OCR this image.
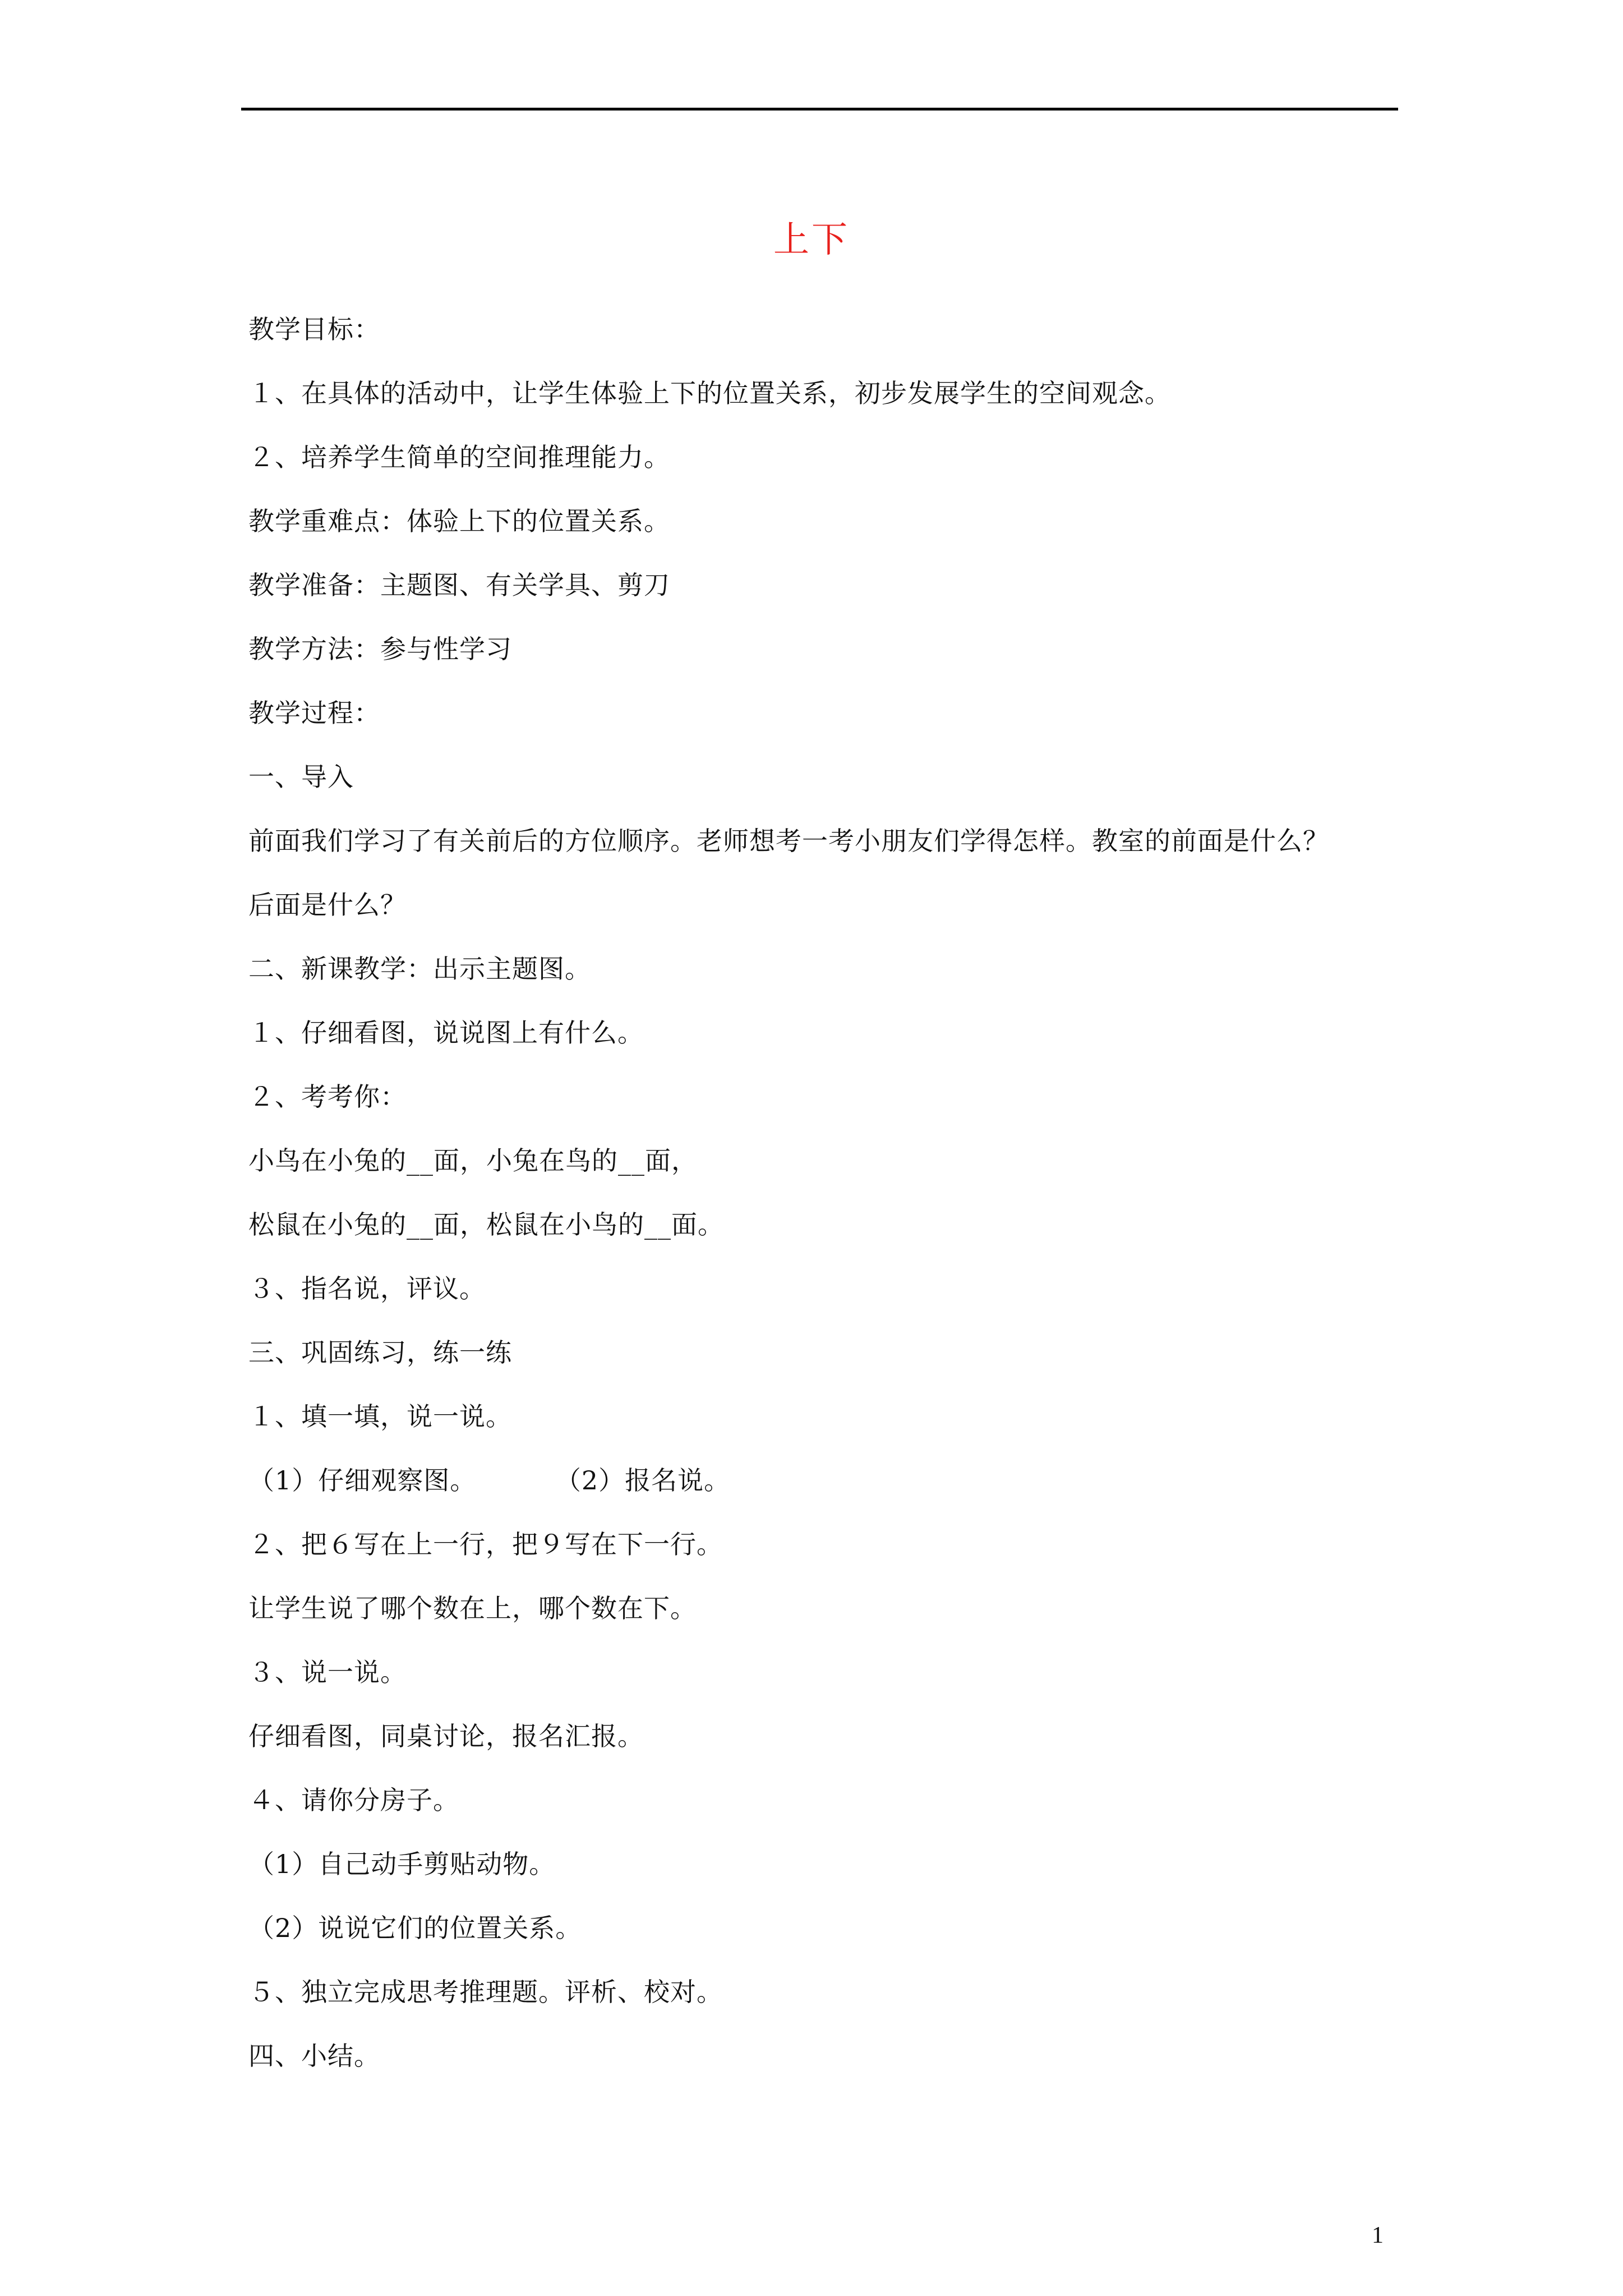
上下
教学目标：
１、在具体的活动中，让学生体验上下的位置关系，初步发展学生的空间观念。
２、培养学生简单的空间推理能力。
教学重难点：体验上下的位置关系。
教学准备：主题图、有关学具、剪刀
教学方法：参与性学习
教学过程：
一、导入
前面我们学习了有关前后的方位顺序。老师想考一考小朋友们学得怎样。教室的前面是什么？
后面是什么？
二、新课教学：出示主题图。
１、仔细看图，说说图上有什么。
２、考考你：
小鸟在小兔的__面，小兔在鸟的__面，
松鼠在小兔的__面，松鼠在小鸟的__面。
３、指名说，评议。
三、巩固练习，练一练
１、填一填，说一说。
（1）仔细观察图。         （2）报名说。
２、把６写在上一行，把９写在下一行。
让学生说了哪个数在上，哪个数在下。
３、说一说。
仔细看图，同桌讨论，报名汇报。
４、请你分房子。
（1）自己动手剪贴动物。
（2）说说它们的位置关系。
５、独立完成思考推理题。评析、校对。
四、小结。
1
